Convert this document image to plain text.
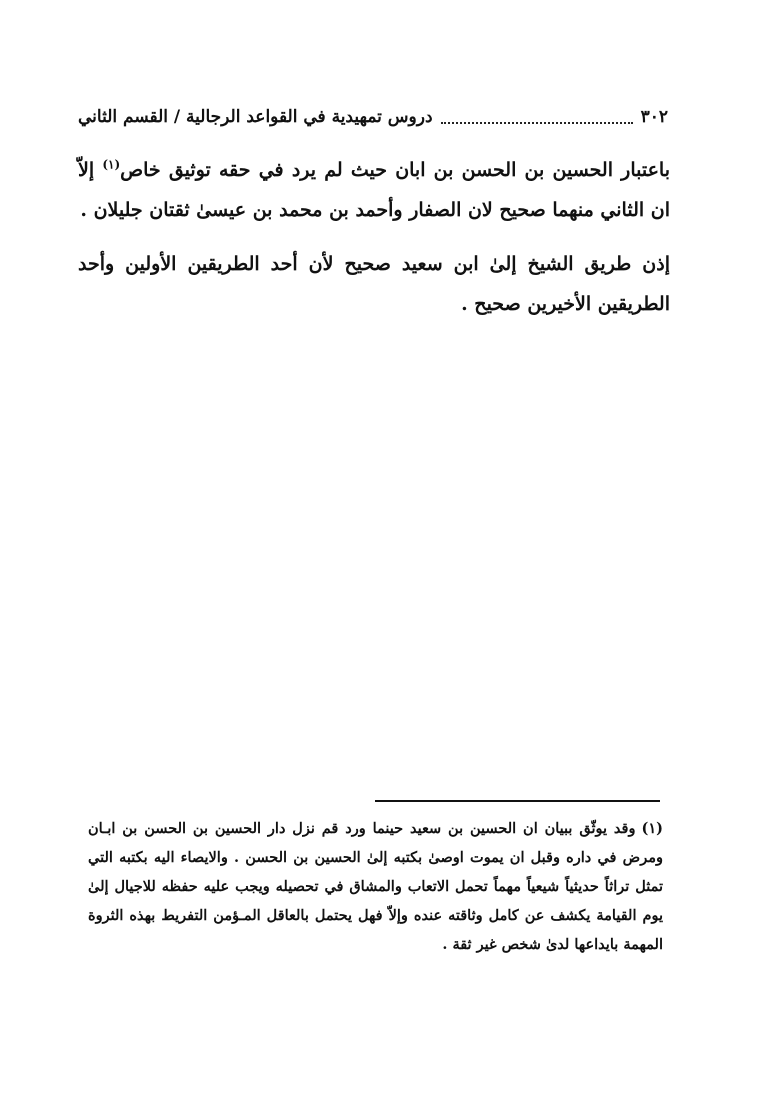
٣٠٢
دروس تمهيدية في القواعد الرجالية / القسم الثاني

باعتبار الحسين بن الحسن بن ابان حيث لم يرد في حقه توثيق خاص$^{(١)}$ إلاّ ان الثاني منهما صحيح لان الصفار وأحمد بن محمد بن عيسىٰ ثقتان جليلان .

إذن طريق الشيخ إلىٰ ابن سعيد صحيح لأن أحد الطريقين الأولين وأحد الطريقين الأخيرين صحيح .

(١)وقد يوثّق ببيان ان الحسين بن سعيد حينما ورد قم نزل دار الحسين بن الحسن بن ابـان ومرض في داره وقبل ان يموت اوصىٰ بكتبه إلىٰ الحسين بن الحسن . والايصاء اليه بكتبه التي تمثل تراثاً حديثياً شيعياً مهماً تحمل الاتعاب والمشاق في تحصيله ويجب عليه حفظه للاجيال إلىٰ يوم القيامة يكشف عن كامل وثاقته عنده وإلاّ فهل يحتمل بالعاقل المـؤمن التفريط بهذه الثروة المهمة بايداعها لدىٰ شخص غير ثقة .
